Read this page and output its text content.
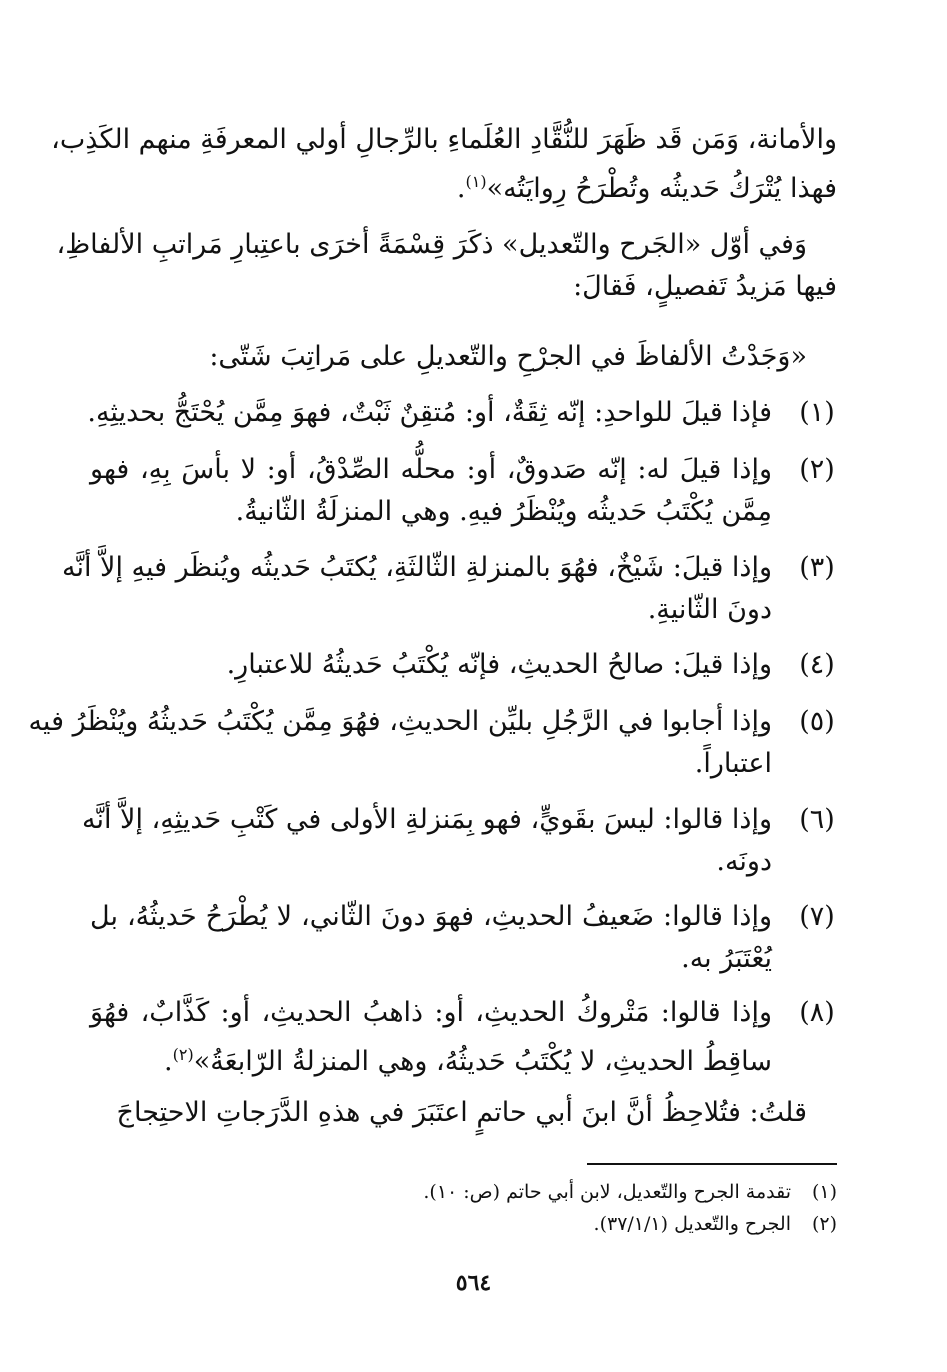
والأمانة، وَمَن قَد ظَهَرَ للنُّقَّادِ العُلَماءِ بالرِّجالِ أولي المعرفَةِ منهم الكَذِب،
فهذا يُتْرَكُ حَديثُه وتُطْرَحُ رِوايَتُه»$^{(١)}$.
وَفي أوّل «الجَرح والتّعديل» ذكَرَ قِسْمَةً أخرَى باعتِبارِ مَراتبِ الألفاظِ،
فيها مَزيدُ تَفصيلٍ، فَقالَ:
«وَجَدْتُ الألفاظَ في الجرْحِ والتّعديلِ على مَراتِبَ شَتّى:
(١)
فإذا قيلَ للواحدِ: إنّه ثِقَةٌ، أو: مُتقِنٌ ثَبْتٌ، فهوَ مِمَّن يُحْتَجُّ بحديثِهِ.
(٢)
وإذا قيلَ له: إنّه صَدوقٌ، أو: محلُّه الصِّدْقُ، أو: لا بأسَ بِهِ، فهو
مِمَّن يُكْتَبُ حَديثُه ويُنْظَرُ فيهِ. وهي المنزلَةُ الثّانيةُ.
(٣)
وإذا قيلَ: شَيْخٌ، فهُوَ بالمنزلةِ الثّالثَةِ، يُكتَبُ حَديثُه ويُنظَر فيهِ إلاَّ أنَّه
دونَ الثّانيةِ.
(٤)
وإذا قيلَ: صالحُ الحديثِ، فإنّه يُكْتَبُ حَديثُهُ للاعتبارِ.
(٥)
وإذا أجابوا في الرَّجُلِ بليِّن الحديثِ، فهُوَ مِمَّن يُكْتَبُ حَديثُهُ ويُنْظَرُ فيه
اعتباراً.
(٦)
وإذا قالوا: ليسَ بقَويٍّ، فهو بِمَنزلةِ الأولى في كَتْبِ حَديثِهِ، إلاَّ أنَّه
دونَه.
(٧)
وإذا قالوا: ضَعيفُ الحديثِ، فهوَ دونَ الثّاني، لا يُطْرَحُ حَديثُهُ، بل
يُعْتَبَرُ به.
(٨)
وإذا قالوا: مَتْروكُ الحديثِ، أو: ذاهبُ الحديثِ، أو: كَذَّابٌ، فهُوَ
ساقِطُ الحديثِ، لا يُكْتَبُ حَديثُهُ، وهي المنزلةُ الرّابعَةُ»$^{(٢)}$.
قلتُ: فتُلاحِظُ أنَّ ابنَ أبي حاتمٍ اعتَبَرَ في هذهِ الدَّرَجاتِ الاحتِجاجَ
(١)تقدمة الجرح والتّعديل، لابن أبي حاتم (ص: ١٠).
(٢)الجرح والتّعديل (٣٧/١/١).
٥٦٤
